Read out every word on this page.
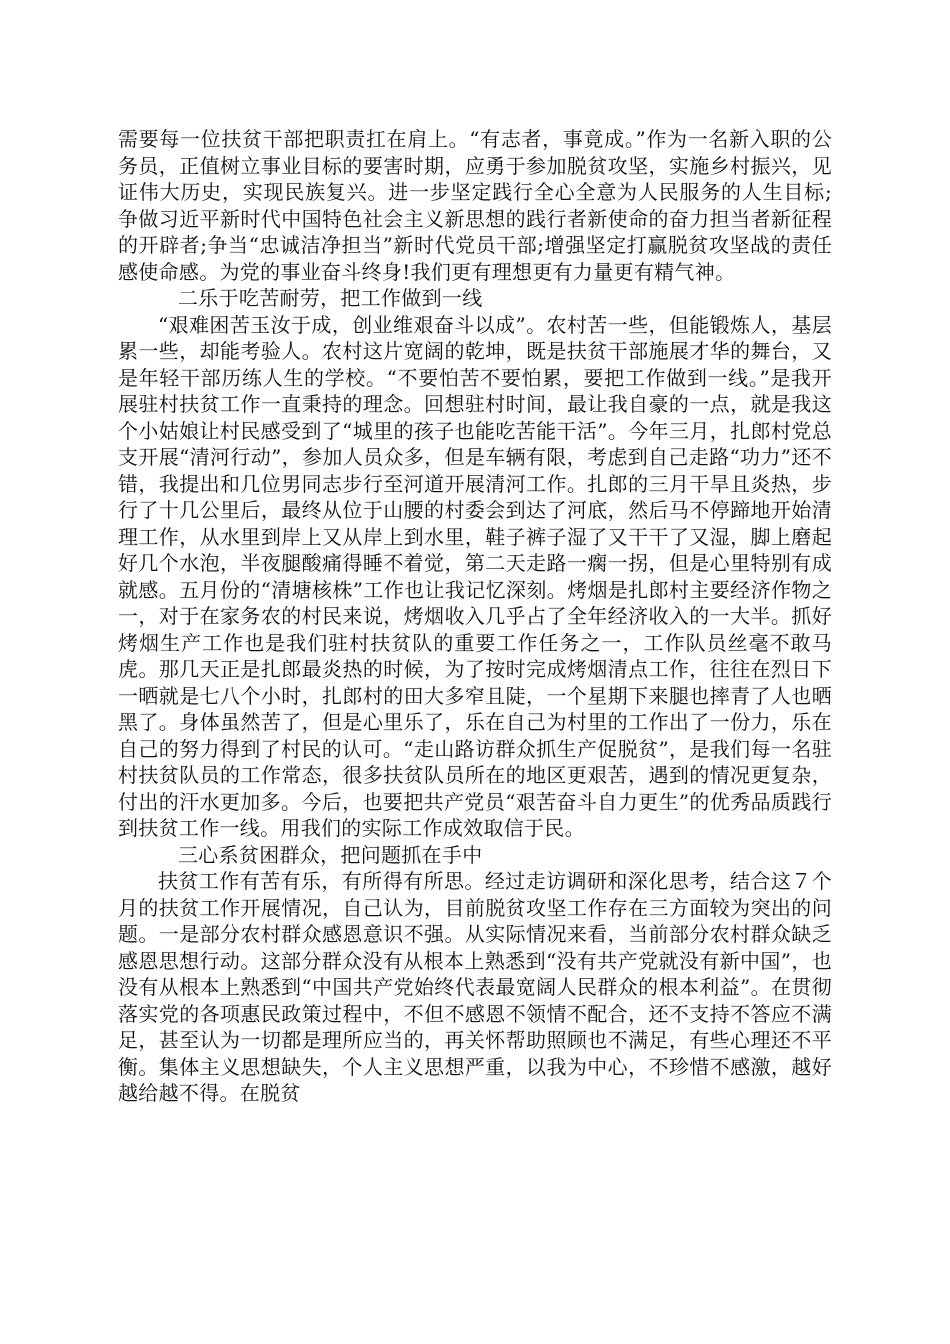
需要每一位扶贫干部把职责扛在肩上。“有志者，事竟成。”作为一名新入职的公务员，正值树立事业目标的要害时期，应勇于参加脱贫攻坚，实施乡村振兴，见证伟大历史，实现民族复兴。进一步坚定践行全心全意为人民服务的人生目标;争做习近平新时代中国特色社会主义新思想的践行者新使命的奋力担当者新征程的开辟者;争当“忠诚洁净担当”新时代党员干部;增强坚定打赢脱贫攻坚战的责任感使命感。为党的事业奋斗终身!我们更有理想更有力量更有精气神。

二乐于吃苦耐劳，把工作做到一线

“艰难困苦玉汝于成，创业维艰奋斗以成”。农村苦一些，但能锻炼人，基层累一些，却能考验人。农村这片宽阔的乾坤，既是扶贫干部施展才华的舞台，又是年轻干部历练人生的学校。“不要怕苦不要怕累，要把工作做到一线。”是我开展驻村扶贫工作一直秉持的理念。回想驻村时间，最让我自豪的一点，就是我这个小姑娘让村民感受到了“城里的孩子也能吃苦能干活”。今年三月，扎郎村党总支开展“清河行动”，参加人员众多，但是车辆有限，考虑到自己走路“功力”还不错，我提出和几位男同志步行至河道开展清河工作。扎郎的三月干旱且炎热，步行了十几公里后，最终从位于山腰的村委会到达了河底，然后马不停蹄地开始清理工作，从水里到岸上又从岸上到水里，鞋子裤子湿了又干干了又湿，脚上磨起好几个水泡，半夜腿酸痛得睡不着觉，第二天走路一瘸一拐，但是心里特别有成就感。五月份的“清塘核株”工作也让我记忆深刻。烤烟是扎郎村主要经济作物之一，对于在家务农的村民来说，烤烟收入几乎占了全年经济收入的一大半。抓好烤烟生产工作也是我们驻村扶贫队的重要工作任务之一，工作队员丝毫不敢马虎。那几天正是扎郎最炎热的时候，为了按时完成烤烟清点工作，往往在烈日下一晒就是七八个小时，扎郎村的田大多窄且陡，一个星期下来腿也摔青了人也晒黑了。身体虽然苦了，但是心里乐了，乐在自己为村里的工作出了一份力，乐在自己的努力得到了村民的认可。“走山路访群众抓生产促脱贫”，是我们每一名驻村扶贫队员的工作常态，很多扶贫队员所在的地区更艰苦，遇到的情况更复杂，付出的汗水更加多。今后，也要把共产党员“艰苦奋斗自力更生”的优秀品质践行到扶贫工作一线。用我们的实际工作成效取信于民。

三心系贫困群众，把问题抓在手中

扶贫工作有苦有乐，有所得有所思。经过走访调研和深化思考，结合这７个月的扶贫工作开展情况，自己认为，目前脱贫攻坚工作存在三方面较为突出的问题。一是部分农村群众感恩意识不强。从实际情况来看，当前部分农村群众缺乏感恩思想行动。这部分群众没有从根本上熟悉到“没有共产党就没有新中国”，也没有从根本上熟悉到“中国共产党始终代表最宽阔人民群众的根本利益”。在贯彻落实党的各项惠民政策过程中，不但不感恩不领情不配合，还不支持不答应不满足，甚至认为一切都是理所应当的，再关怀帮助照顾也不满足，有些心理还不平衡。集体主义思想缺失，个人主义思想严重，以我为中心，不珍惜不感激，越好越给越不得。在脱贫
